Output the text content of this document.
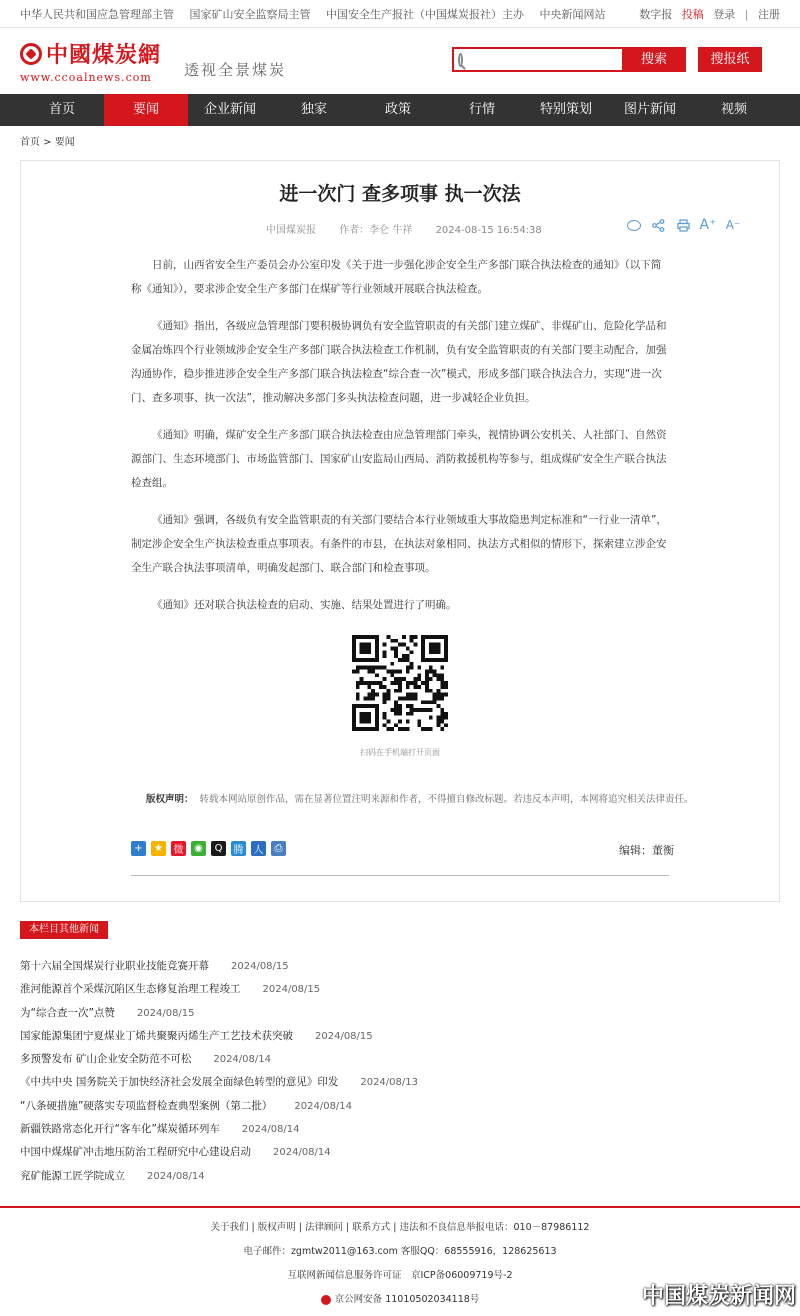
中华人民共和国应急管理部主管 国家矿山安全监察局主管 中国安全生产报社（中国煤炭报社）主办 中央新闻网站	数字报 投稿 登录 | 注册
中國煤炭網
www.ccoalnews.com	透视全景煤炭
搜索	搜报纸
首页	要闻	企业新闻	独家	政策	行情	特别策划	图片新闻	视频
首页 > 要闻
进一次门 查多项事 执一次法
中国煤炭报 作者：李仑 牛祥 2024-08-15 16:54:38	A⁺ A⁻

日前，山西省安全生产委员会办公室印发《关于进一步强化涉企安全生产多部门联合执法检查的通知》（以下简称《通知》），要求涉企安全生产多部门在煤矿等行业领域开展联合执法检查。

《通知》指出，各级应急管理部门要积极协调负有安全监管职责的有关部门建立煤矿、非煤矿山、危险化学品和金属冶炼四个行业领域涉企安全生产多部门联合执法检查工作机制，负有安全监管职责的有关部门要主动配合，加强沟通协作，稳步推进涉企安全生产多部门联合执法检查“综合查一次”模式，形成多部门联合执法合力，实现“进一次门、查多项事、执一次法”，推动解决多部门多头执法检查问题，进一步减轻企业负担。

《通知》明确，煤矿安全生产多部门联合执法检查由应急管理部门牵头，视情协调公安机关、人社部门、自然资源部门、生态环境部门、市场监管部门、国家矿山安监局山西局、消防救援机构等参与，组成煤矿安全生产联合执法检查组。

《通知》强调，各级负有安全监管职责的有关部门要结合本行业领域重大事故隐患判定标准和“一行业一清单”，制定涉企安全生产执法检查重点事项表。有条件的市县，在执法对象相同、执法方式相似的情形下，探索建立涉企安全生产联合执法事项清单，明确发起部门、联合部门和检查事项。

《通知》还对联合执法检查的启动、实施、结果处置进行了明确。

扫码在手机端打开页面
版权声明： 转载本网站原创作品，需在显著位置注明来源和作者，不得擅自修改标题。若违反本声明，本网将追究相关法律责任。
+	★	微	◉	Q	腾 人	⎙	编辑：董衡
本栏目其他新闻
第十六届全国煤炭行业职业技能竞赛开幕 2024/08/15
淮河能源首个采煤沉陷区生态修复治理工程竣工 2024/08/15
为“综合查一次”点赞 2024/08/15
国家能源集团宁夏煤业丁烯共聚聚丙烯生产工艺技术获突破 2024/08/15
多预警发布 矿山企业安全防范不可松 2024/08/14
《中共中央 国务院关于加快经济社会发展全面绿色转型的意见》印发 2024/08/13
“八条硬措施”硬落实专项监督检查典型案例（第二批） 2024/08/14
新疆铁路常态化开行“客车化”煤炭循环列车 2024/08/14
中国中煤煤矿冲击地压防治工程研究中心建设启动 2024/08/14
兖矿能源工匠学院成立 2024/08/14
关于我们 | 版权声明 | 法律顾问 | 联系方式 | 违法和不良信息举报电话：010－87986112
电子邮件：zgmtw2011@163.com 客服QQ：68555916，128625613
互联网新闻信息服务许可证　京ICP备06009719号-2
京公网安备 11010502034118号	中国煤炭新闻网
